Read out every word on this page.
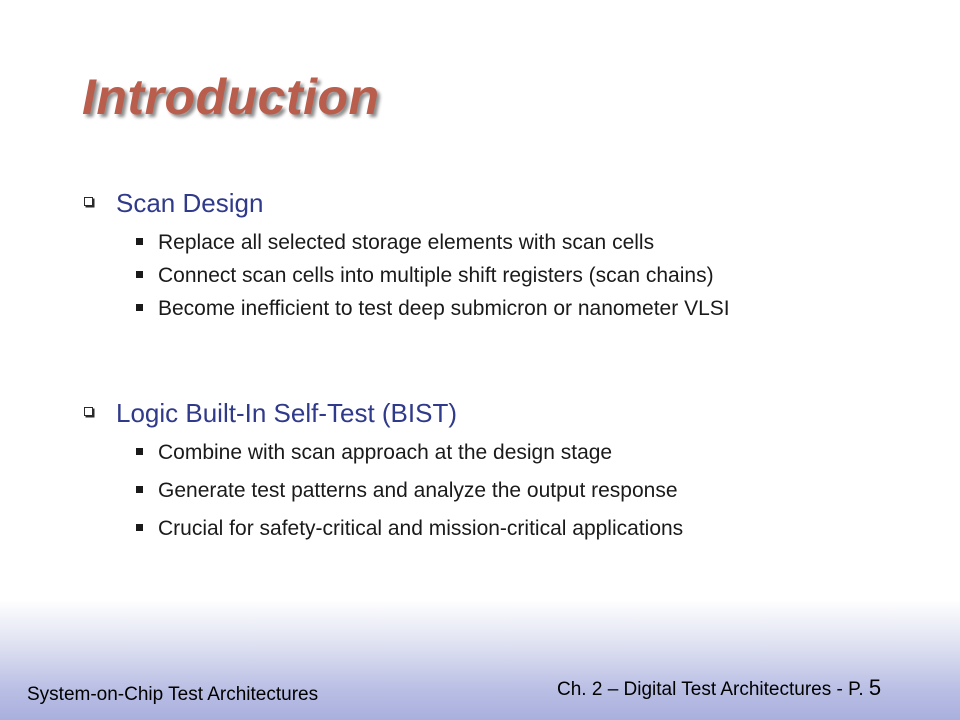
Introduction
Scan Design
Replace all selected storage elements with scan cells
Connect scan cells into multiple shift registers (scan chains)
Become inefficient to test deep submicron or nanometer VLSI
Logic Built-In Self-Test (BIST)
Combine with scan approach at the design stage
Generate test patterns and analyze the output response
Crucial for safety-critical and mission-critical applications
System-on-Chip Test Architectures	Ch. 2 – Digital Test Architectures - P. 5
